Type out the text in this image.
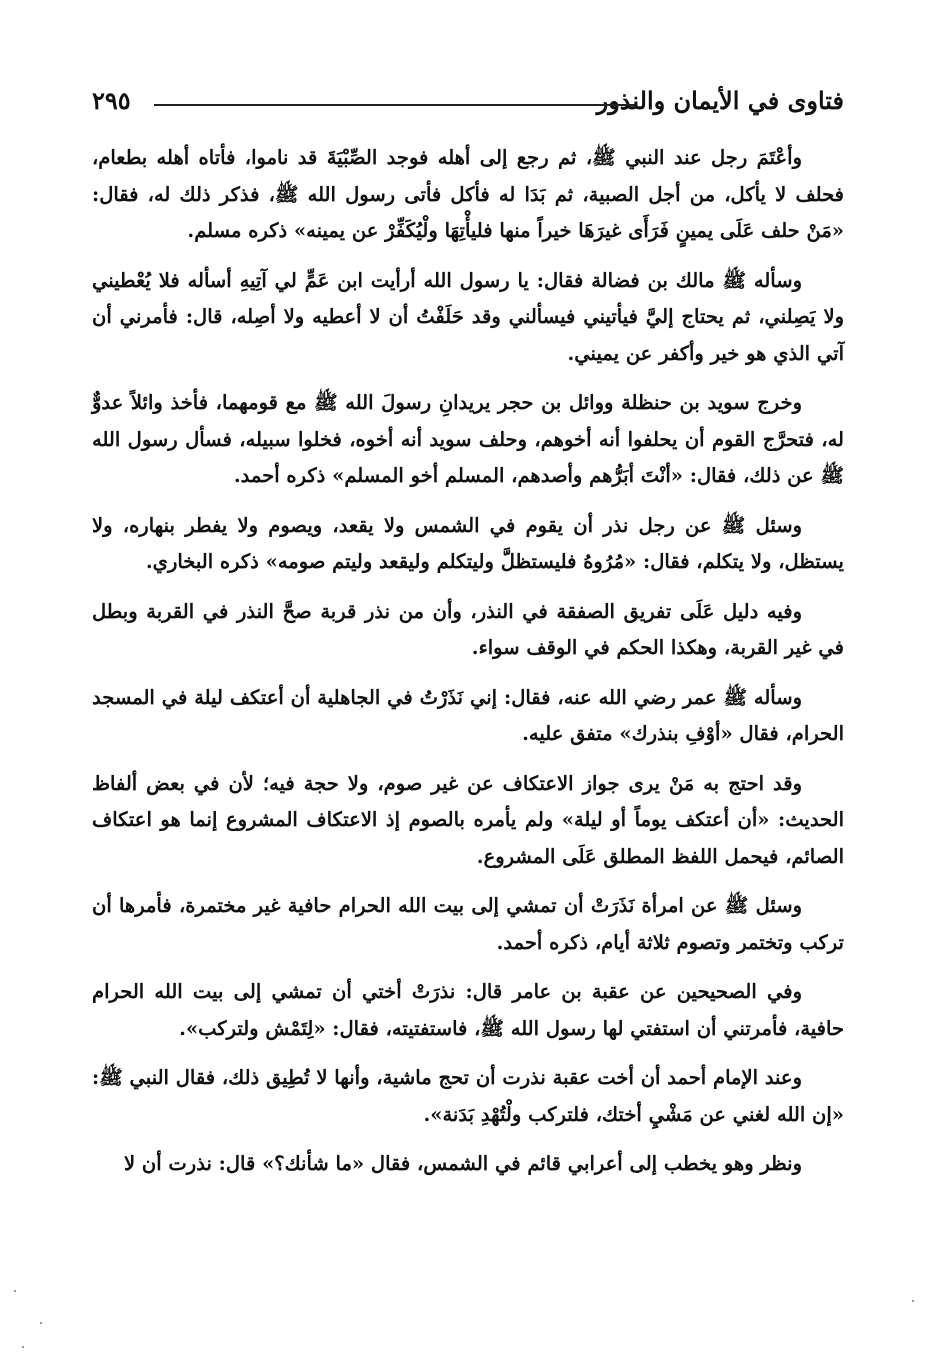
فتاوى في الأيمان والنذور
٢٩٥

وأعْتَمَ رجل عند النبي ﷺ، ثم رجع إلى أهله فوجد الصِّبْيَةَ قد ناموا، فأتاه أهله بطعام، فحلف لا يأكل، من أجل الصبية، ثم بَدَا له فأكل فأتى رسول الله ﷺ، فذكر ذلك له، فقال: «مَنْ حلف عَلَى يمينٍ فَرَأَى غيرَهَا خيراً منها فليأْتِهَا ولْيُكَفِّرْ عن يمينه» ذكره مسلم.

وسأله ﷺ مالك بن فضالة فقال: يا رسول الله أرأيت ابن عَمٍّ لي آتِيهِ أسأله فلا يُعْطيني ولا يَصِلني، ثم يحتاج إليَّ فيأتيني فيسألني وقد حَلَفْتُ أن لا أعطيه ولا أصِله، قال: فأمرني أن آتي الذي هو خير وأكفر عن يميني.

وخرج سويد بن حنظلة ووائل بن حجر يريدانِ رسولَ الله ﷺ مع قومهما، فأخذ وائلاً عدوٌّ له، فتحرَّج القوم أن يحلفوا أنه أخوهم، وحلف سويد أنه أخوه، فخلوا سبيله، فسأل رسول الله ﷺ عن ذلك، فقال: «أنْتَ أبَرُّهم وأصدهم، المسلم أخو المسلم» ذكره أحمد.

وسئل ﷺ عن رجل نذر أن يقوم في الشمس ولا يقعد، ويصوم ولا يفطر بنهاره، ولا يستظل، ولا يتكلم، فقال: «مُرُوهُ فليستظلَّ وليتكلم وليقعد وليتم صومه» ذكره البخاري.

وفيه دليل عَلَى تفريق الصفقة في النذر، وأن من نذر قربة صحَّ النذر في القربة وبطل في غير القربة، وهكذا الحكم في الوقف سواء.

وسأله ﷺ عمر رضي الله عنه، فقال: إني نَذَرْتُ في الجاهلية أن أعتكف ليلة في المسجد الحرام، فقال «أوْفِ بنذرك» متفق عليه.

وقد احتج به مَنْ يرى جواز الاعتكاف عن غير صوم، ولا حجة فيه؛ لأن في بعض ألفاظ الحديث: «أن أعتكف يوماً أو ليلة» ولم يأمره بالصوم إذ الاعتكاف المشروع إنما هو اعتكاف الصائم، فيحمل اللفظ المطلق عَلَى المشروع.

وسئل ﷺ عن امرأة نَذَرَتْ أن تمشي إلى بيت الله الحرام حافية غير مختمرة، فأمرها أن تركب وتختمر وتصوم ثلاثة أيام، ذكره أحمد.

وفي الصحيحين عن عقبة بن عامر قال: نذرَتْ أختي أن تمشي إلى بيت الله الحرام حافية، فأمرتني أن استفتي لها رسول الله ﷺ، فاستفتيته، فقال: «لِتَمْش ولتركب».

وعند الإمام أحمد أن أخت عقبة نذرت أن تحج ماشية، وأنها لا تُطِيق ذلك، فقال النبي ﷺ: «إن الله لغني عن مَشْيِ أختك، فلتركب ولْتُهْدِ بَدَنة».

ونظر وهو يخطب إلى أعرابي قائم في الشمس، فقال «ما شأنك؟» قال: نذرت أن لا
